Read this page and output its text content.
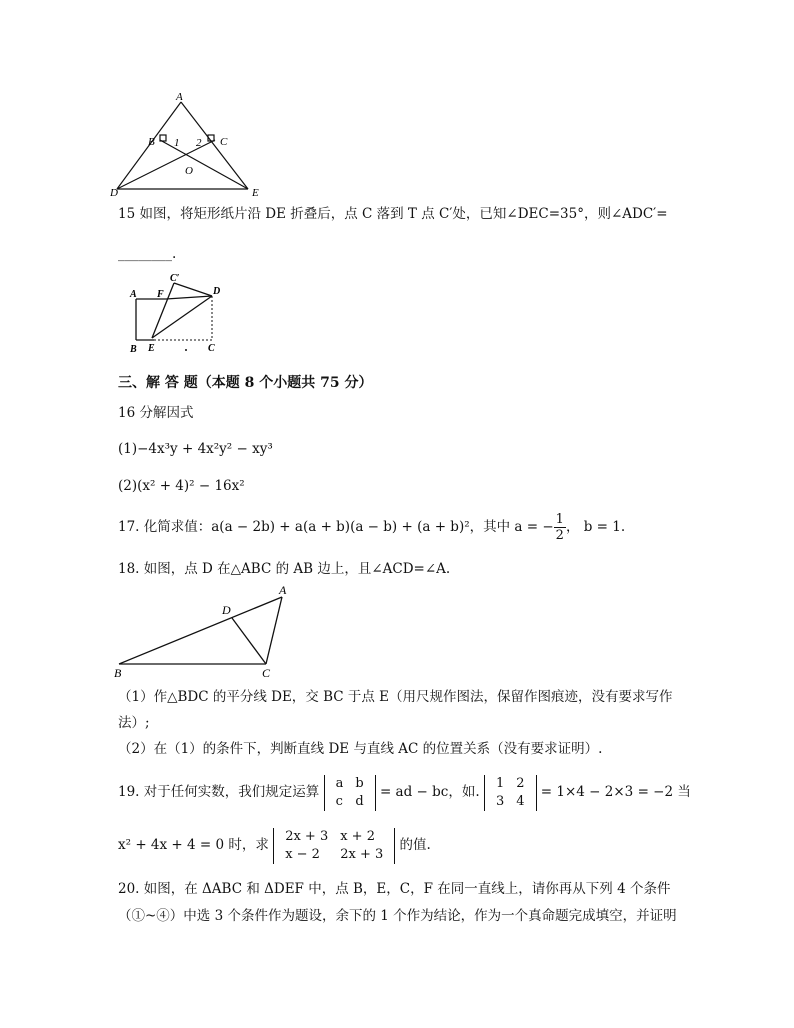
A
B	C
1 2
O
D	E
15 如图，将矩形纸片沿 DE 折叠后，点 C 落到 T 点 C′处，已知∠DEC=35°，则∠ADC′=
________.
C′
A F	D
B E	C
三、解 答 题（本题 8 个小题共 75 分）
16 分解因式
(1)−4x³y + 4x²y² − xy³
(2)(x² + 4)² − 16x²
17. 化简求值：a(a − 2b) + a(a + b)(a − b) + (a + b)²，其中 a = − $\frac{1}{2}$ ， b = 1.
18. 如图，点 D 在△ABC 的 AB 边上，且∠ACD=∠A.
A
D
B	C
（1）作△BDC 的平分线 DE，交 BC 于点 E（用尺规作图法，保留作图痕迹，没有要求写作
法）;
（2）在（1）的条件下，判断直线 DE 与直线 AC 的位置关系（没有要求证明）.
19. 对于任何实数，我们规定运算
a	b
c	d
= ad − bc，如.
1	2
3	4
= 1×4 − 2×3 = −2 当
x² + 4x + 4 = 0 时，求
2x + 3	x + 2
x − 2	2x + 3
的值.
20. 如图，在 ΔABC 和 ΔDEF 中，点 B，E，C，F 在同一直线上，请你再从下列 4 个条件
（①~④）中选 3 个条件作为题设，余下的 1 个作为结论，作为一个真命题完成填空，并证明
